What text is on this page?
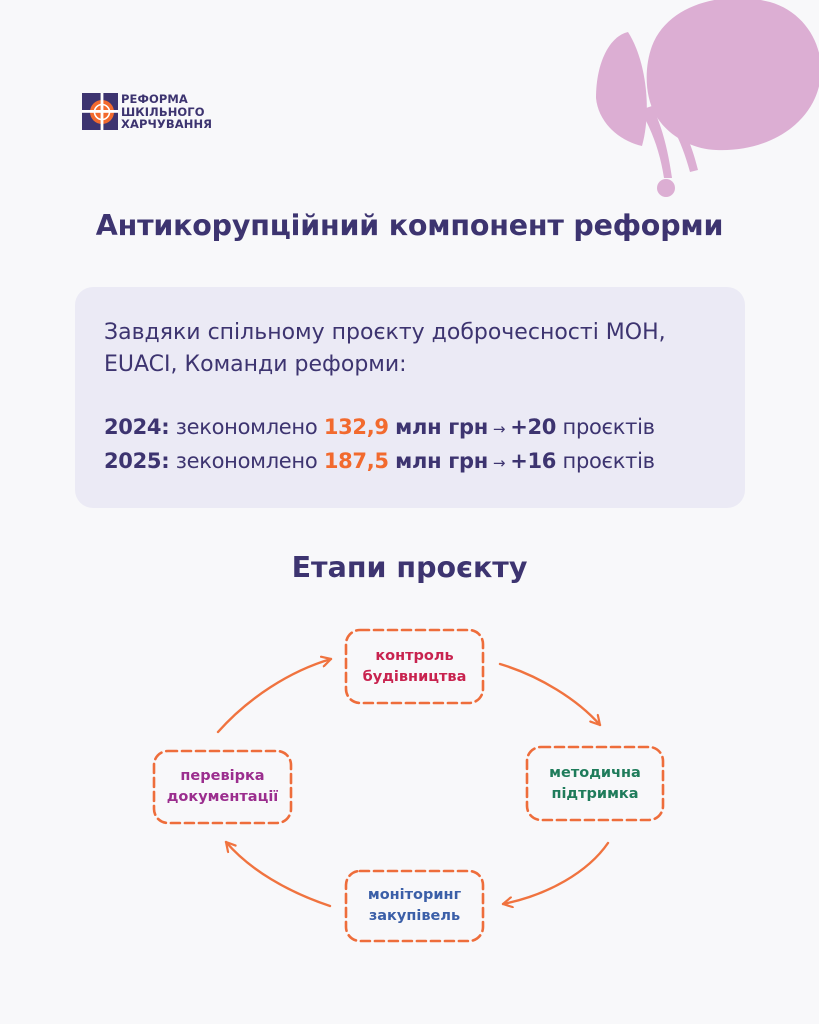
РЕФОРМА
ШКІЛЬНОГО
ХАРЧУВАННЯ
Антикорупційний компонент реформи

Завдяки спільному проєкту доброчесності МОН, EUACI, Команди реформи:

2024: зекономлено 132,9 млн грн → +20 проєктів
2025: зекономлено 187,5 млн грн → +16 проєктів
Етапи проєкту
контроль
будівництва
методична
підтримка
моніторинг
закупівель
перевірка
документації
